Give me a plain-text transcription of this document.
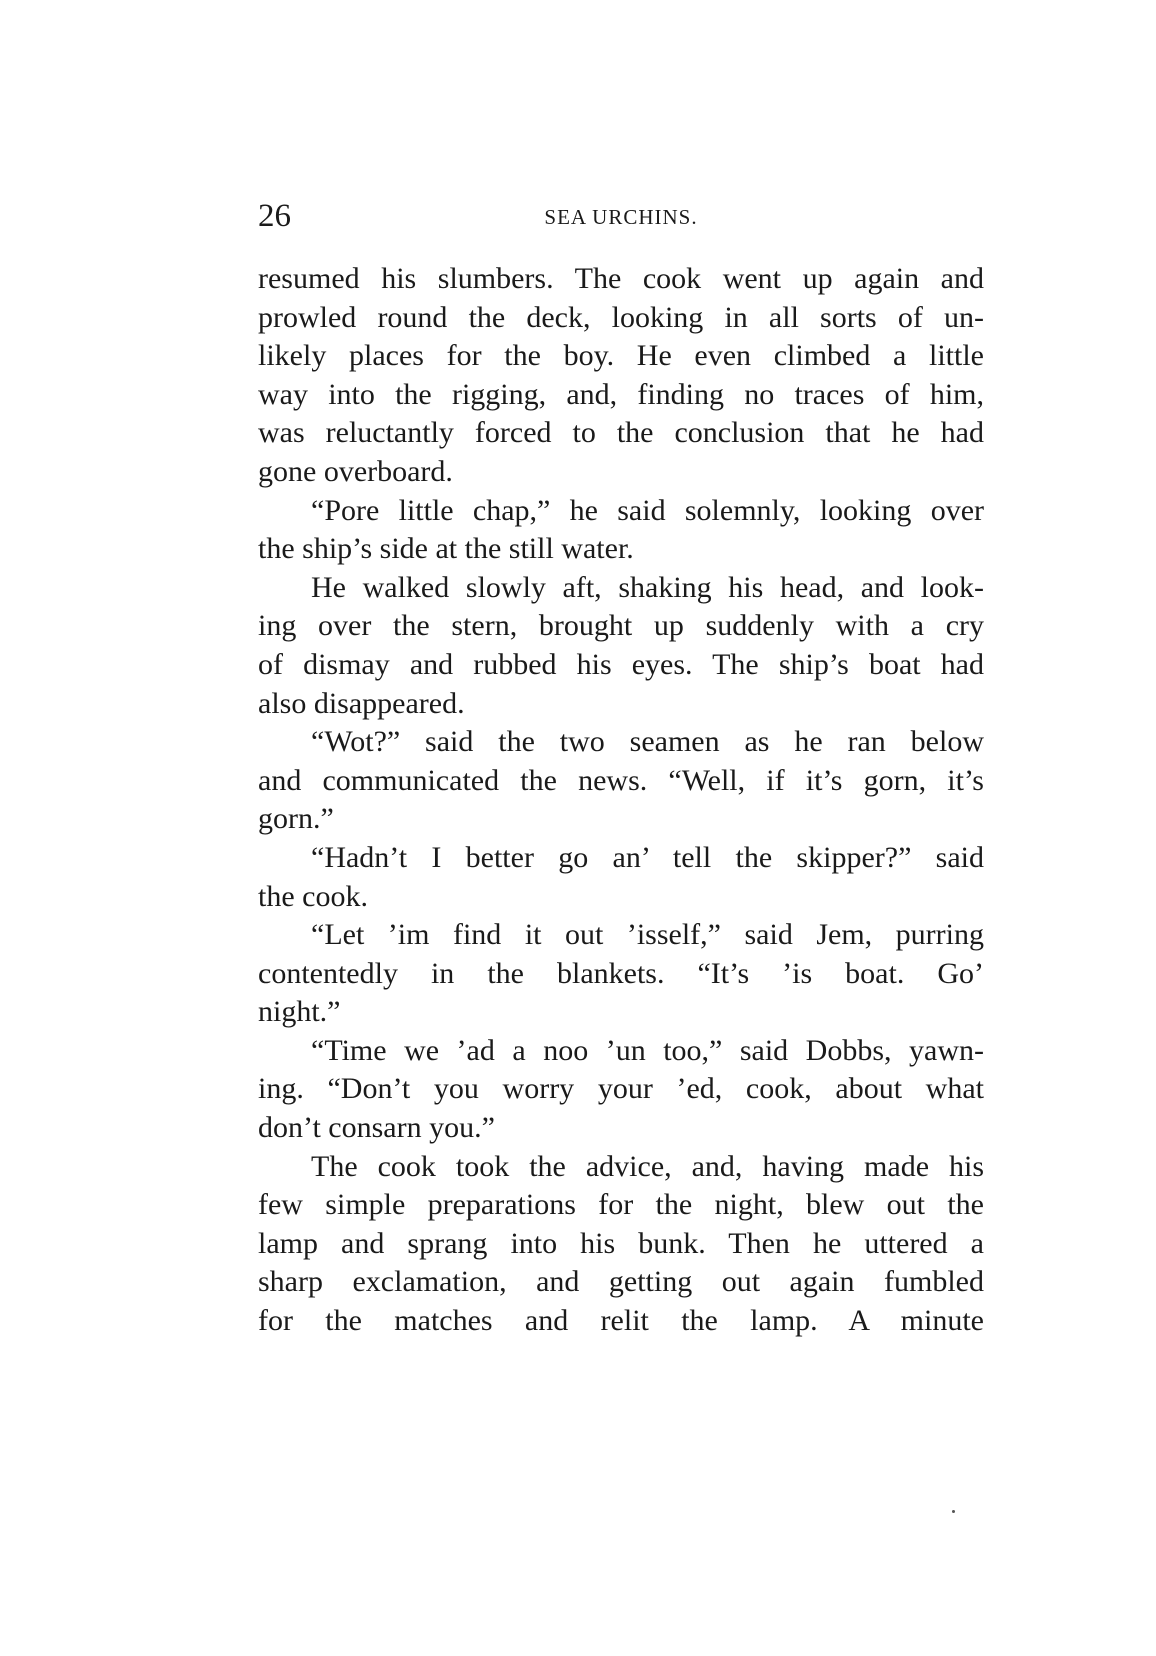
26	SEA URCHINS.
resumed his slumbers. The cook went up again and
prowled round the deck, looking in all sorts of un-
likely places for the boy. He even climbed a little
way into the rigging, and, finding no traces of him,
was reluctantly forced to the conclusion that he had
gone overboard.
“Pore little chap,” he said solemnly, looking over
the ship’s side at the still water.
He walked slowly aft, shaking his head, and look-
ing over the stern, brought up suddenly with a cry
of dismay and rubbed his eyes. The ship’s boat had
also disappeared.
“Wot?” said the two seamen as he ran below
and communicated the news. “Well, if it’s gorn, it’s
gorn.”
“Hadn’t I better go an’ tell the skipper?” said
the cook.
“Let ’im find it out ’isself,” said Jem, purring
contentedly in the blankets. “It’s ’is boat. Go’
night.”
“Time we ’ad a noo ’un too,” said Dobbs, yawn-
ing. “Don’t you worry your ’ed, cook, about what
don’t consarn you.”
The cook took the advice, and, having made his
few simple preparations for the night, blew out the
lamp and sprang into his bunk. Then he uttered a
sharp exclamation, and getting out again fumbled
for the matches and relit the lamp. A minute
